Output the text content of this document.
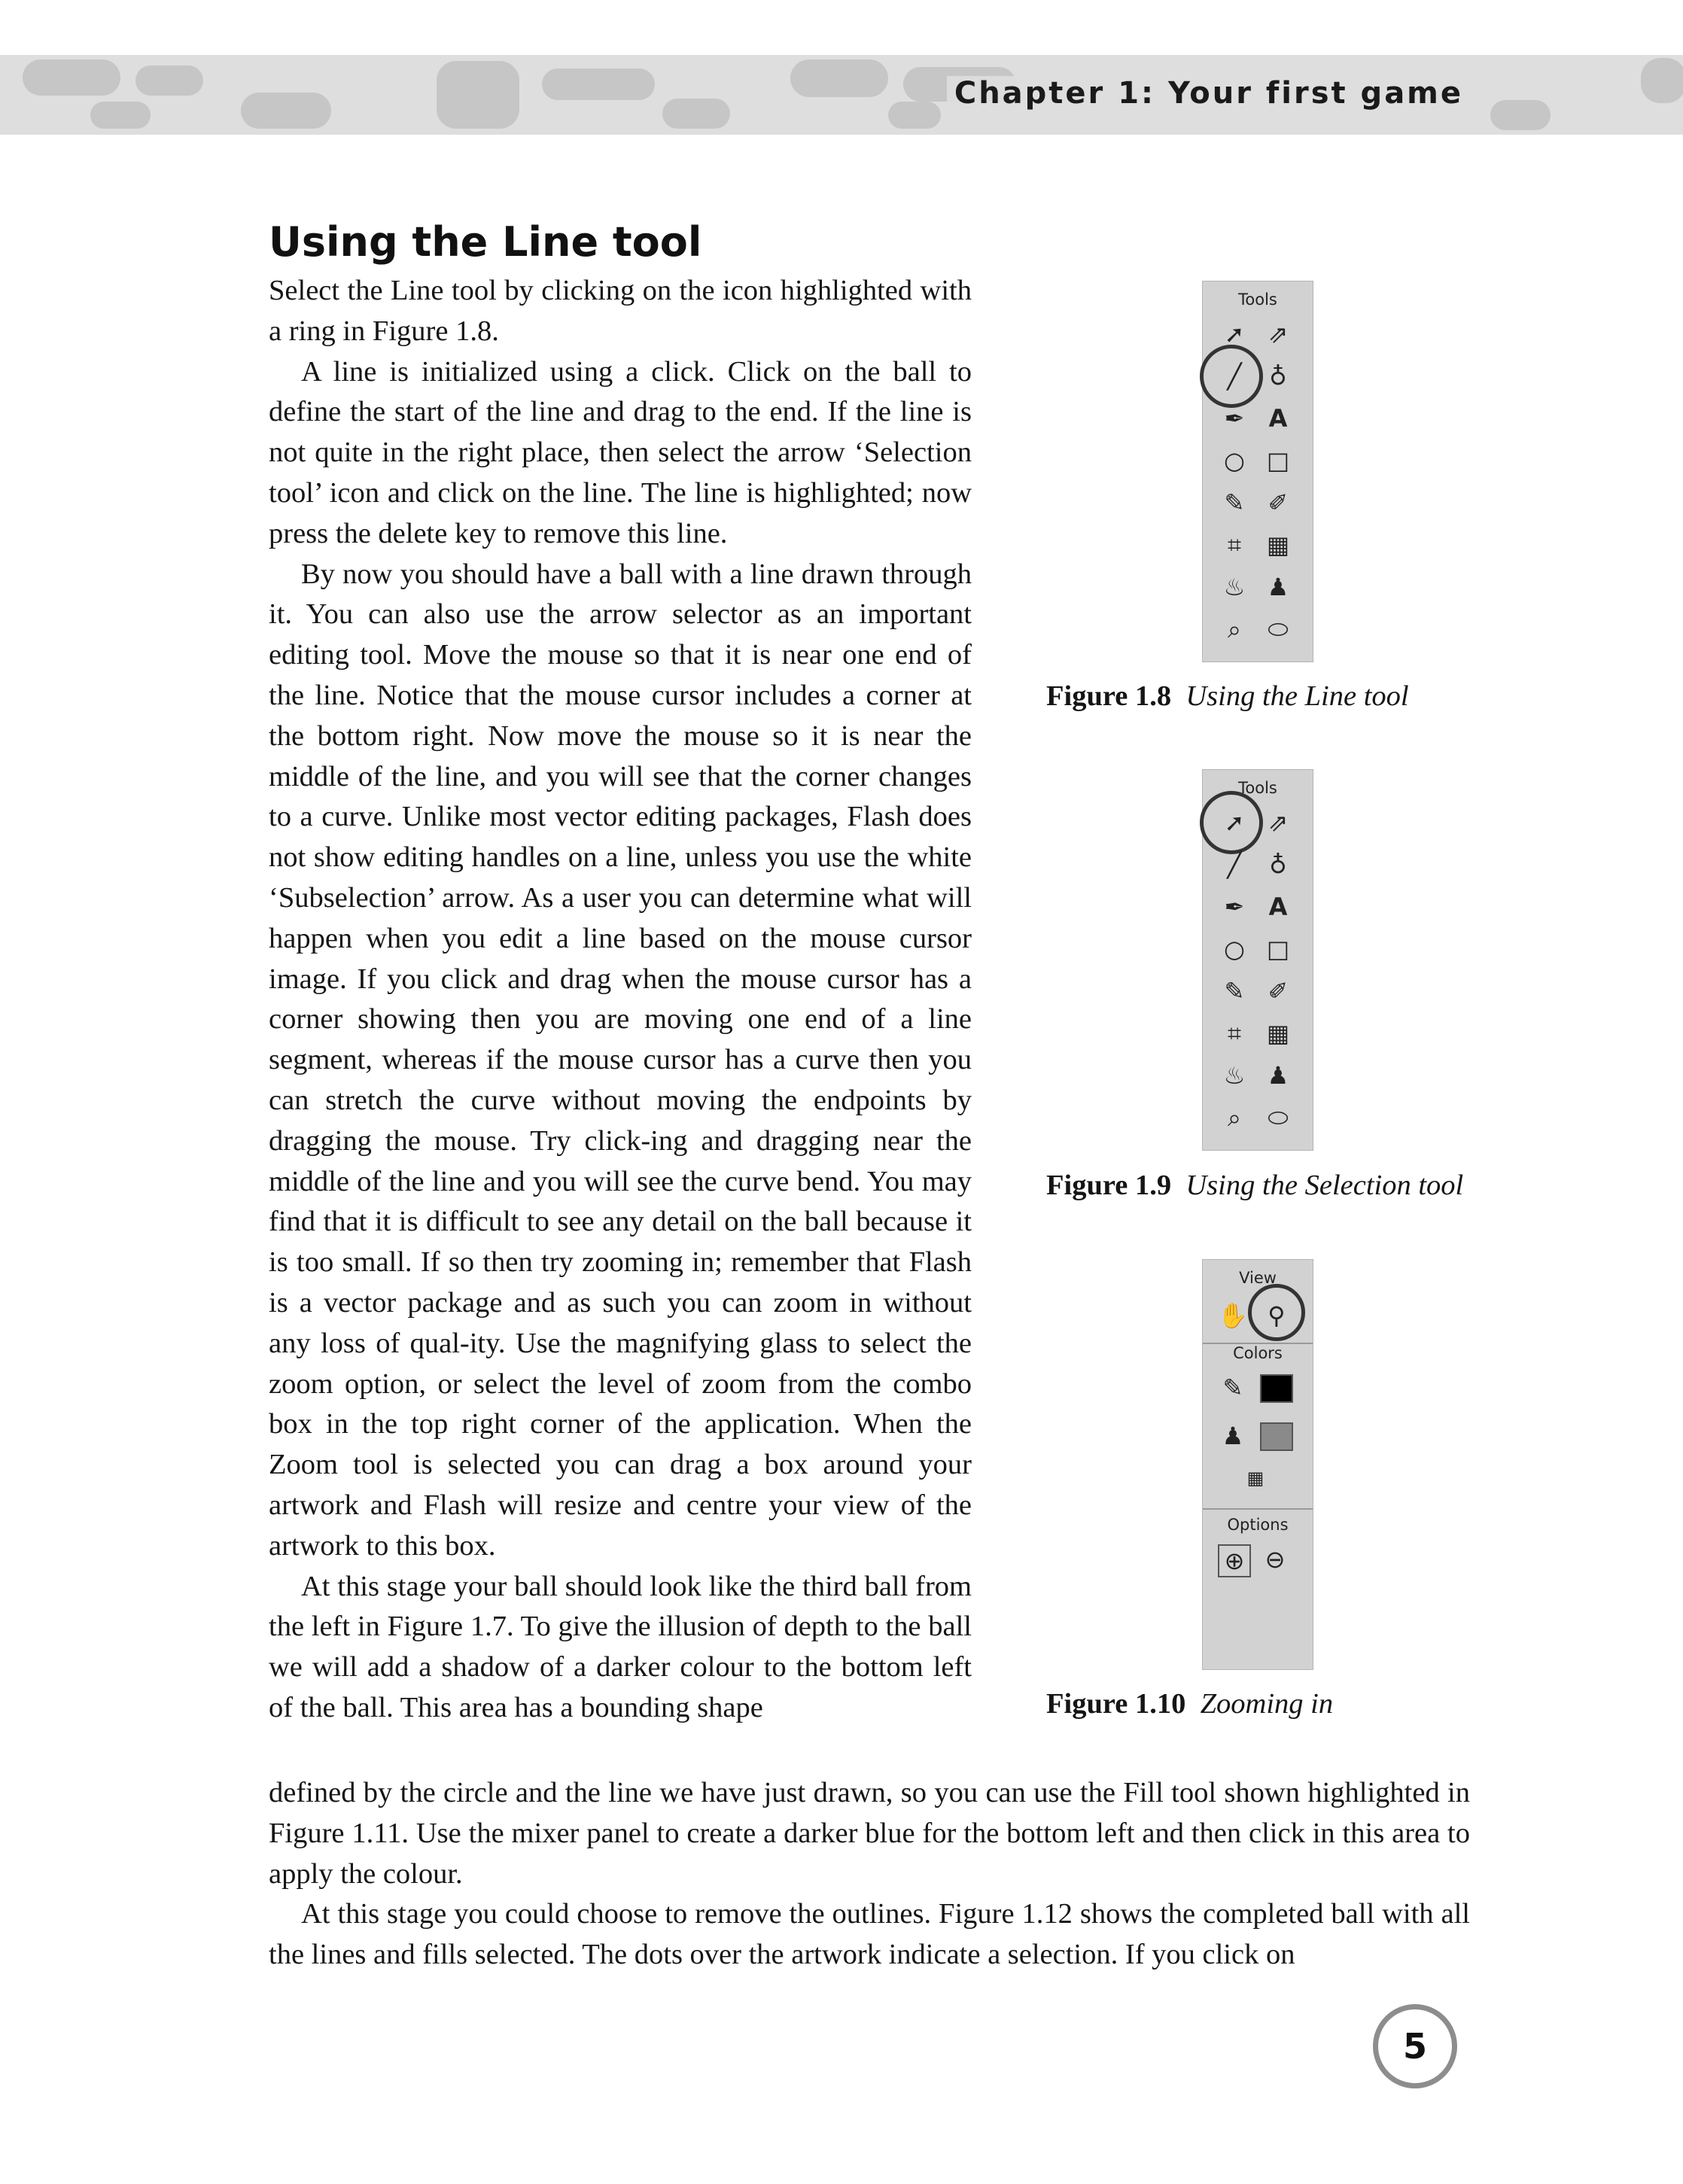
Chapter 1: Your first game
Using the Line tool

Select the Line tool by clicking on the icon highlighted with a ring in Figure 1.8.

A line is initialized using a click. Click on the ball to define the start of the line and drag to the end. If the line is not quite in the right place, then select the arrow ‘Selection tool’ icon and click on the line. The line is highlighted; now press the delete key to remove this line.

By now you should have a ball with a line drawn through it. You can also use the arrow selector as an important editing tool. Move the mouse so that it is near one end of the line. Notice that the mouse cursor includes a corner at the bottom right. Now move the mouse so it is near the middle of the line, and you will see that the corner changes to a curve. Unlike most vector editing packages, Flash does not show editing handles on a line, unless you use the white ‘Subselection’ arrow. As a user you can determine what will happen when you edit a line based on the mouse cursor image. If you click and drag when the mouse cursor has a corner showing then you are moving one end of a line segment, whereas if the mouse cursor has a curve then you can stretch the curve without moving the endpoints by dragging the mouse. Try click-ing and dragging near the middle of the line and you will see the curve bend. You may find that it is difficult to see any detail on the ball because it is too small. If so then try zooming in; remember that Flash is a vector package and as such you can zoom in without any loss of qual-ity. Use the magnifying glass to select the zoom option, or select the level of zoom from the combo box in the top right corner of the application. When the Zoom tool is selected you can drag a box around your artwork and Flash will resize and centre your view of the artwork to this box.

At this stage your ball should look like the third ball from the left in Figure 1.7. To give the illusion of depth to the ball we will add a shadow of a darker colour to the bottom left of the ball. This area has a bounding shape

defined by the circle and the line we have just drawn, so you can use the Fill tool shown highlighted in Figure 1.11. Use the mixer panel to create a darker blue for the bottom left and then click in this area to apply the colour.

At this stage you could choose to remove the outlines. Figure 1.12 shows the completed ball with all the lines and fills selected. The dots over the artwork indicate a selection. If you click on

Tools
➚ ⇗
╱	♁
✒ A
○ □
✎ ✐
⌗	▦
♨ ♟
⌕	⬭
Figure 1.8 Using the Line tool
Tools
➚ ⇗
╱	♁
✒ A
○ □
✎ ✐
⌗	▦
♨ ♟
⌕	⬭
Figure 1.9 Using the Selection tool
View
✋ ⚲
Colors
✎
♟
▦
Options
⊕ ⊖
Figure 1.10 Zooming in
5
